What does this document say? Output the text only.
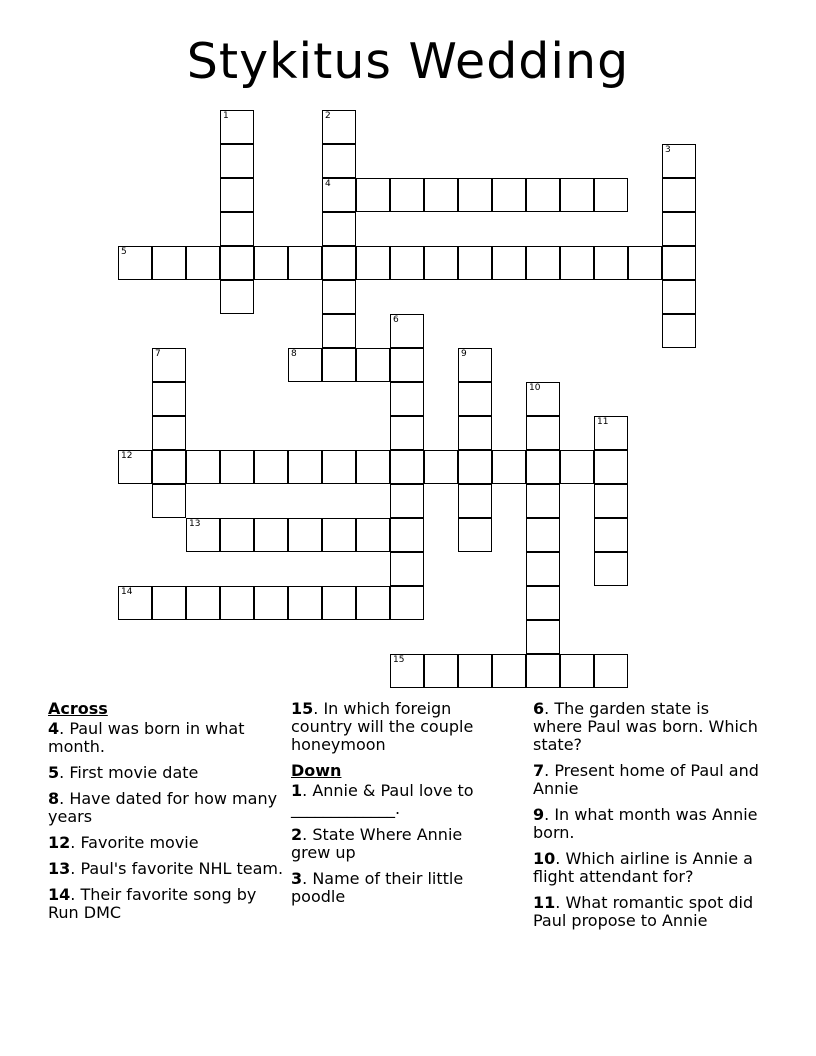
Stykitus Wedding
4
5
8
12
13
14
15
1	2
3
6
7	9
10
11
Across
4. Paul was born in what month.
5. First movie date
8. Have dated for how many years
12. Favorite movie
13. Paul's favorite NHL team.
14. Their favorite song by Run DMC
15. In which foreign country will the couple honeymoon
Down
1. Annie & Paul love to _____________.
2. State Where Annie grew up
3. Name of their little poodle
6. The garden state is where Paul was born. Which state?
7. Present home of Paul and Annie
9. In what month was Annie born.
10. Which airline is Annie a flight attendant for?
11. What romantic spot did Paul propose to Annie
